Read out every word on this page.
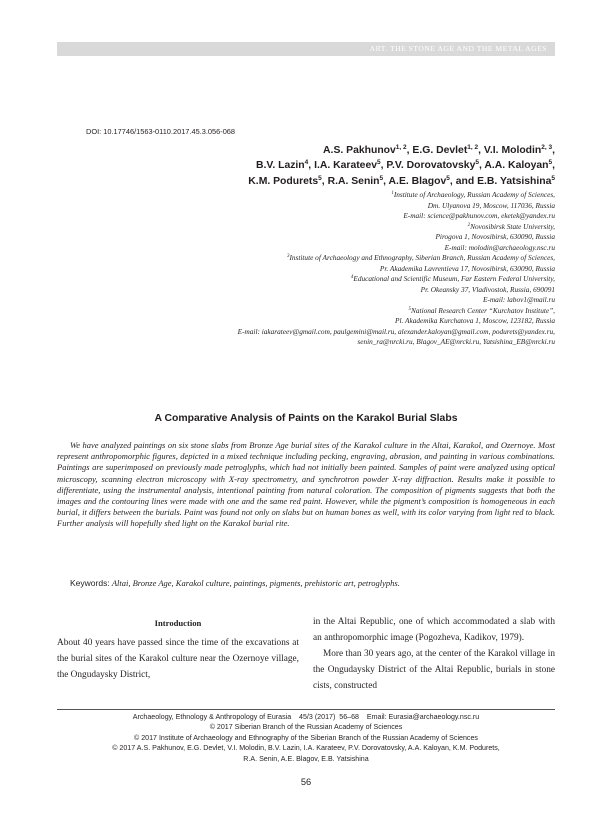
ART. THE STONE AGE AND THE METAL AGES
DOI: 10.17746/1563-0110.2017.45.3.056-068
A.S. Pakhunov$^{1, 2}$, E.G. Devlet$^{1, 2}$, V.I. Molodin$^{2, 3}$,
B.V. Lazin$^4$, I.A. Karateev$^5$, P.V. Dorovatovsky$^5$, A.A. Kaloyan$^5$,
K.M. Podurets$^5$, R.A. Senin$^5$, A.E. Blagov$^5$, and E.B. Yatsishina$^5$
$^1$Institute of Archaeology, Russian Academy of Sciences,
Dm. Ulyanova 19, Moscow, 117036, Russia
E-mail: science@pakhunov.com, eketek@yandex.ru
$^2$Novosibirsk State University,
Pirogova 1, Novosibirsk, 630090, Russia
E-mail: molodin@archaeology.nsc.ru
$^3$Institute of Archaeology and Ethnography, Siberian Branch, Russian Academy of Sciences,
Pr. Akademika Lavrentieva 17, Novosibirsk, 630090, Russia
$^4$Educational and Scientific Museum, Far Eastern Federal University,
Pr. Okeansky 37, Vladivostok, Russia, 690091
E-mail: labov1@mail.ru
$^5$National Research Center “Kurchatov Institute”,
Pl. Akademika Kurchatova 1, Moscow, 123182, Russia
E-mail: iakarateev@gmail.com, paulgemini@mail.ru, alexander.kaloyan@gmail.com, podurets@yandex.ru,
senin_ra@nrcki.ru, Blagov_AE@nrcki.ru, Yatsishina_EB@nrcki.ru
A Comparative Analysis of Paints on the Karakol Burial Slabs

We have analyzed paintings on six stone slabs from Bronze Age burial sites of the Karakol culture in the Altai, Karakol, and Ozernoye. Most represent anthropomorphic figures, depicted in a mixed technique including pecking, engraving, abrasion, and painting in various combinations. Paintings are superimposed on previously made petroglyphs, which had not initially been painted. Samples of paint were analyzed using optical microscopy, scanning electron microscopy with X-ray spectrometry, and synchrotron powder X-ray diffraction. Results make it possible to differentiate, using the instrumental analysis, intentional painting from natural coloration. The composition of pigments suggests that both the images and the contouring lines were made with one and the same red paint. However, while the pigment’s composition is homogeneous in each burial, it differs between the burials. Paint was found not only on slabs but on human bones as well, with its color varying from light red to black. Further analysis will hopefully shed light on the Karakol burial rite.

Keywords: Altai, Bronze Age, Karakol culture, paintings, pigments, prehistoric art, petroglyphs.

Introduction

About 40 years have passed since the time of the excavations at the burial sites of the Karakol culture near the Ozernoye village, the Ongudaysky District,

in the Altai Republic, one of which accommodated a slab with an anthropomorphic image (Pogozheva, Kadikov, 1979).

More than 30 years ago, at the center of the Karakol village in the Ongudaysky District of the Altai Republic, burials in stone cists, constructed

Archaeology, Ethnology & Anthropology of Eurasia    45/3 (2017)  56–68    Email: Eurasia@archaeology.nsc.ru
© 2017 Siberian Branch of the Russian Academy of Sciences
© 2017 Institute of Archaeology and Ethnography of the Siberian Branch of the Russian Academy of Sciences
© 2017 A.S. Pakhunov, E.G. Devlet, V.I. Molodin, B.V. Lazin, I.A. Karateev, P.V. Dorovatovsky, A.A. Kaloyan, K.M. Podurets,
R.A. Senin, A.E. Blagov, E.B. Yatsishina
56
